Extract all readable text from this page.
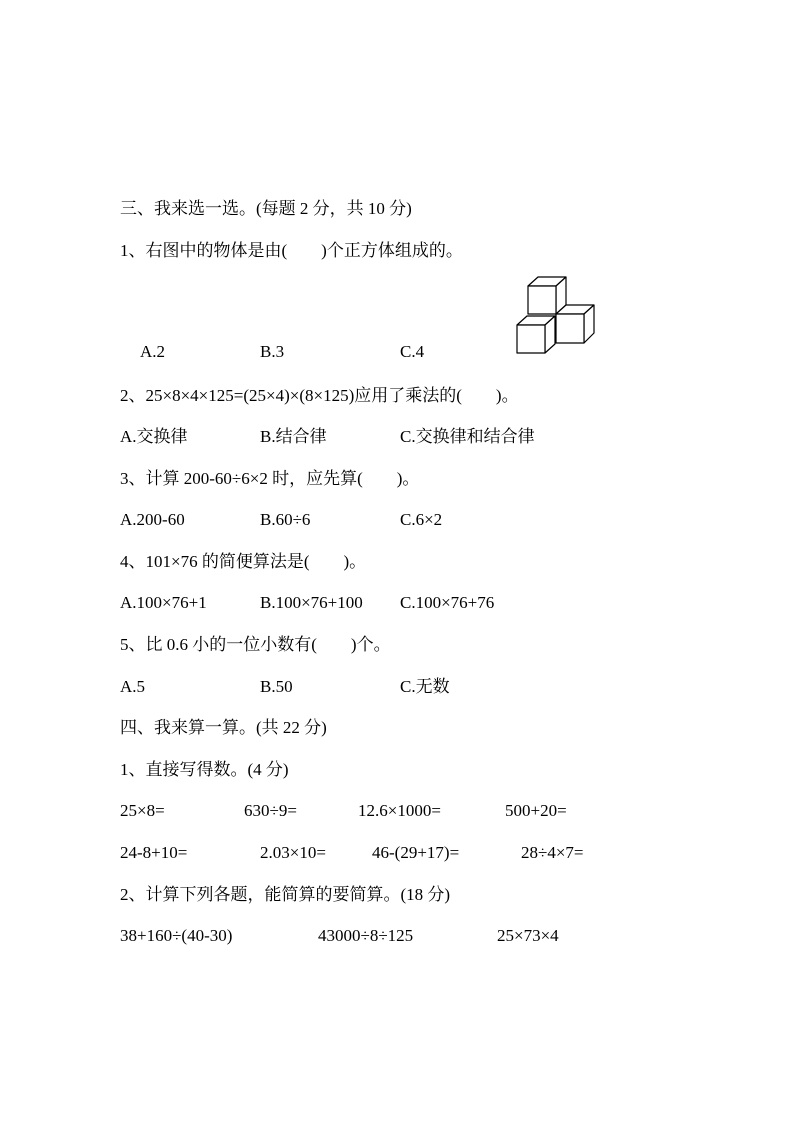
三、我来选一选。(每题 2 分，共 10 分)
1、右图中的物体是由(        )个正方体组成的。
A.2	B.3	C.4
2、25×8×4×125=(25×4)×(8×125)应用了乘法的(        )。
A.交换律	B.结合律	C.交换律和结合律
3、计算 200-60÷6×2 时，应先算(        )。
A.200-60	B.60÷6	C.6×2
4、101×76 的简便算法是(        )。
A.100×76+1	B.100×76+100 C.100×76+76
5、比 0.6 小的一位小数有(        )个。
A.5	B.50	C.无数
四、我来算一算。(共 22 分)
1、直接写得数。(4 分)
25×8=	630÷9=	12.6×1000=	500+20=
24-8+10=	2.03×10=	46-(29+17)=	28÷4×7=
2、计算下列各题，能简算的要简算。(18 分)
38+160÷(40-30)	43000÷8÷125	25×73×4
